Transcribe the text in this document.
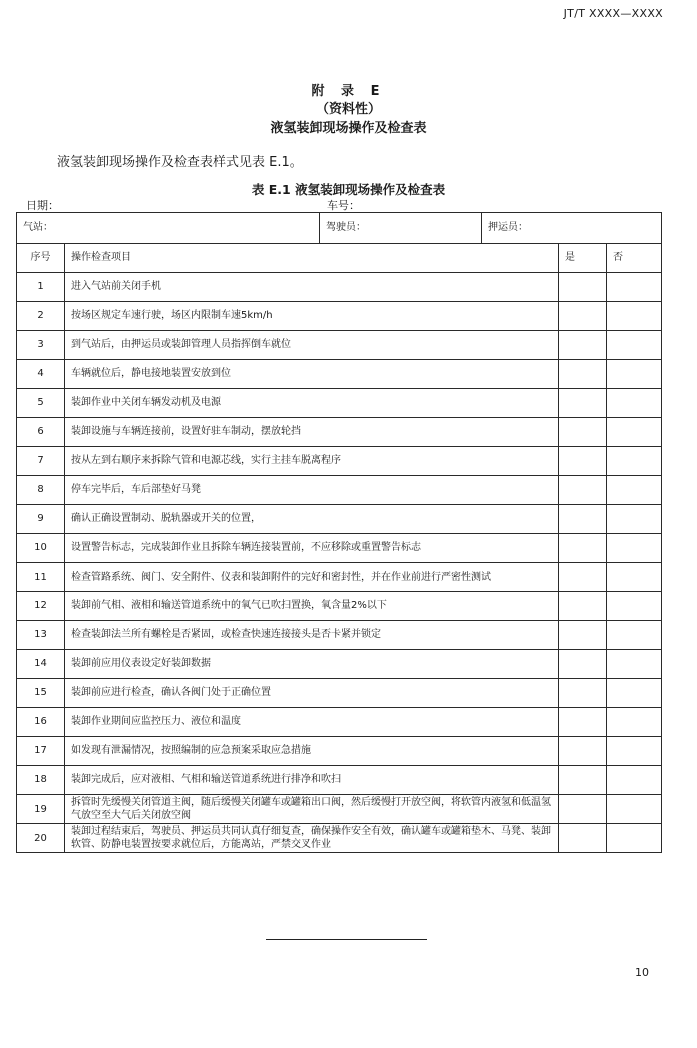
JT/T XXXX—XXXX
附 录 E
（资料性）
液氢装卸现场操作及检查表
液氢装卸现场操作及检查表样式见表 E.1。
表 E.1 液氢装卸现场操作及检查表
日期：	车号：
气站：		驾驶员：	押运员：		
序号	操作检查项目			是	否
1	进入气站前关闭手机				
2	按场区规定车速行驶，场区内限制车速5km/h				
3	到气站后，由押运员或装卸管理人员指挥倒车就位				
4	车辆就位后，静电接地装置安放到位				
5	装卸作业中关闭车辆发动机及电源				
6	装卸设施与车辆连接前，设置好驻车制动，摆放轮挡				
7	按从左到右顺序来拆除气管和电源芯线，实行主挂车脱离程序				
8	停车完毕后，车后部垫好马凳				
9	确认正确设置制动、脱轨器或开关的位置，				
10	设置警告标志，完成装卸作业且拆除车辆连接装置前，不应移除或重置警告标志				
11	检查管路系统、阀门、安全附件、仪表和装卸附件的完好和密封性，并在作业前进行严密性测试				
12	装卸前气相、液相和输送管道系统中的氧气已吹扫置换，氧含量2%以下				
13	检查装卸法兰所有螺栓是否紧固，或检查快速连接接头是否卡紧并锁定				
14	装卸前应用仪表设定好装卸数据				
15	装卸前应进行检查，确认各阀门处于正确位置				
16	装卸作业期间应监控压力、液位和温度				
17	如发现有泄漏情况，按照编制的应急预案采取应急措施				
18	装卸完成后，应对液相、气相和输送管道系统进行排净和吹扫				
19	拆管时先缓慢关闭管道主阀，随后缓慢关闭罐车或罐箱出口阀，然后缓慢打开放空阀，将软管内液氢和低温氢气放空至大气后关闭放空阀				
20	装卸过程结束后，驾驶员、押运员共同认真仔细复查，确保操作安全有效，确认罐车或罐箱垫木、马凳、装卸软管、防静电装置按要求就位后，方能离站，严禁交叉作业				
10
